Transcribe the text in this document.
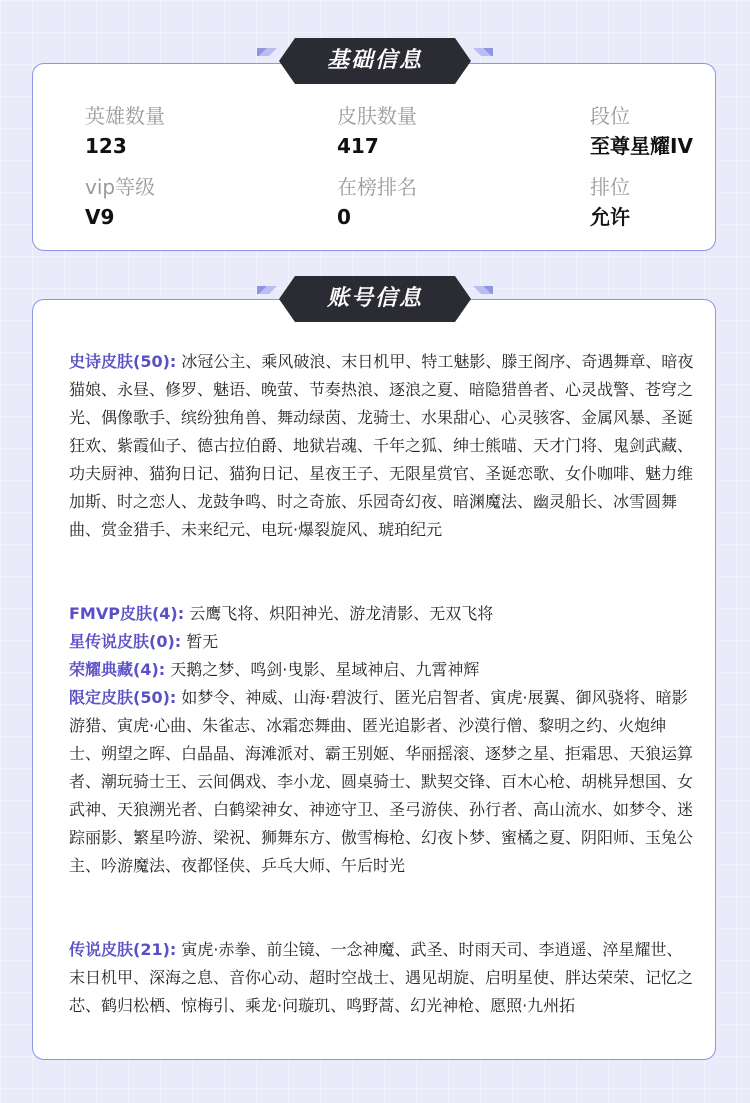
英雄数量
123
皮肤数量
417
段位
至尊星耀IV
vip等级
V9
在榜排名
0
排位
允许
基础信息
史诗皮肤(50): 冰冠公主、乘风破浪、末日机甲、特工魅影、滕王阁序、奇遇舞章、暗夜猫娘、永昼、修罗、魅语、晚萤、节奏热浪、逐浪之夏、暗隐猎兽者、心灵战警、苍穹之光、偶像歌手、缤纷独角兽、舞动绿茵、龙骑士、水果甜心、心灵骇客、金属风暴、圣诞狂欢、紫霞仙子、德古拉伯爵、地狱岩魂、千年之狐、绅士熊喵、天才门将、鬼剑武藏、功夫厨神、猫狗日记、猫狗日记、星夜王子、无限星赏官、圣诞恋歌、女仆咖啡、魅力维加斯、时之恋人、龙鼓争鸣、时之奇旅、乐园奇幻夜、暗渊魔法、幽灵船长、冰雪圆舞曲、赏金猎手、未来纪元、电玩·爆裂旋风、琥珀纪元
FMVP皮肤(4): 云鹰飞将、炽阳神光、游龙清影、无双飞将
星传说皮肤(0): 暂无
荣耀典藏(4): 天鹅之梦、鸣剑·曳影、星域神启、九霄神辉
限定皮肤(50): 如梦令、神威、山海·碧波行、匿光启智者、寅虎·展翼、御风骁将、暗影游猎、寅虎·心曲、朱雀志、冰霜恋舞曲、匿光追影者、沙漠行僧、黎明之约、火炮绅士、朔望之晖、白晶晶、海滩派对、霸王别姬、华丽摇滚、逐梦之星、拒霜思、天狼运算者、潮玩骑士王、云间偶戏、李小龙、圆桌骑士、默契交锋、百木心枪、胡桃异想国、女武神、天狼溯光者、白鹤梁神女、神迹守卫、圣弓游侠、孙行者、高山流水、如梦令、迷踪丽影、繁星吟游、梁祝、狮舞东方、傲雪梅枪、幻夜卜梦、蜜橘之夏、阴阳师、玉兔公主、吟游魔法、夜都怪侠、乒乓大师、午后时光
传说皮肤(21): 寅虎·赤拳、前尘镜、一念神魔、武圣、时雨天司、李逍遥、淬星耀世、末日机甲、深海之息、音你心动、超时空战士、遇见胡旋、启明星使、胖达荣荣、记忆之芯、鹤归松栖、惊梅引、乘龙·问璇玑、鸣野蒿、幻光神枪、愿照·九州拓
账号信息
